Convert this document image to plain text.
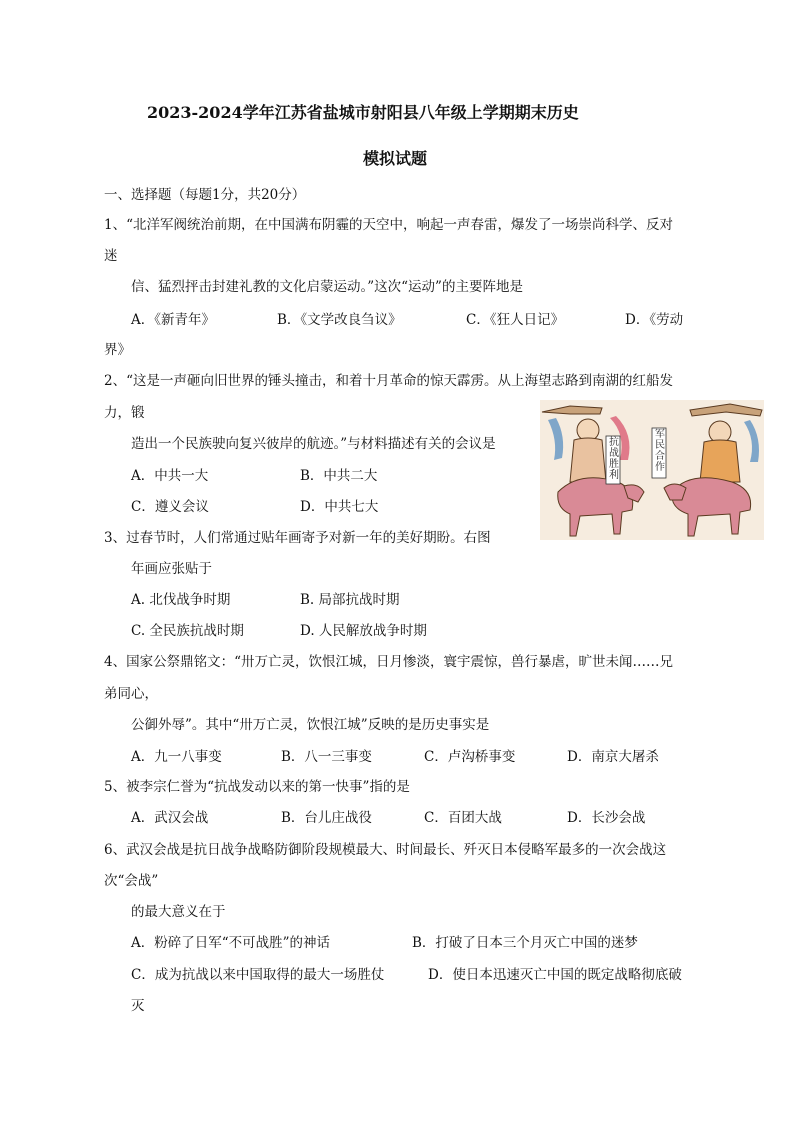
2023-2024学年江苏省盐城市射阳县八年级上学期期末历史
模拟试题
一、选择题（每题1分，共20分）
1、“北洋军阀统治前期，在中国满布阴霾的天空中，响起一声春雷，爆发了一场崇尚科学、反对
迷
信、猛烈抨击封建礼教的文化启蒙运动。”这次“运动”的主要阵地是
A．《新青年》	B．《文学改良刍议》	C．《狂人日记》	D．《劳动
界》
2、“这是一声砸向旧世界的锤头撞击，和着十月革命的惊天霹雳。从上海望志路到南湖的红船发
力，锻
造出一个民族驶向复兴彼岸的航迹。”与材料描述有关的会议是
A．中共一大	B．中共二大
C．遵义会议	D．中共七大
抗战胜利
军民合作
3、过春节时，人们常通过贴年画寄予对新一年的美好期盼。右图
年画应张贴于
A. 北伐战争时期	B. 局部抗战时期
C. 全民族抗战时期	D. 人民解放战争时期
4、国家公祭鼎铭文：“卅万亡灵，饮恨江城，日月惨淡，寰宇震惊，兽行暴虐，旷世未闻……兄
弟同心，
公御外辱”。其中“卅万亡灵，饮恨江城”反映的是历史事实是
A．九一八事变	B．八一三事变	C．卢沟桥事变	D．南京大屠杀
5、被李宗仁誉为“抗战发动以来的第一快事”指的是
A．武汉会战	B．台儿庄战役	C．百团大战	D．长沙会战
6、武汉会战是抗日战争战略防御阶段规模最大、时间最长、歼灭日本侵略军最多的一次会战这
次“会战”
的最大意义在于
A．粉碎了日军“不可战胜”的神话	B．打破了日本三个月灭亡中国的迷梦
C．成为抗战以来中国取得的最大一场胜仗	D．使日本迅速灭亡中国的既定战略彻底破
灭
